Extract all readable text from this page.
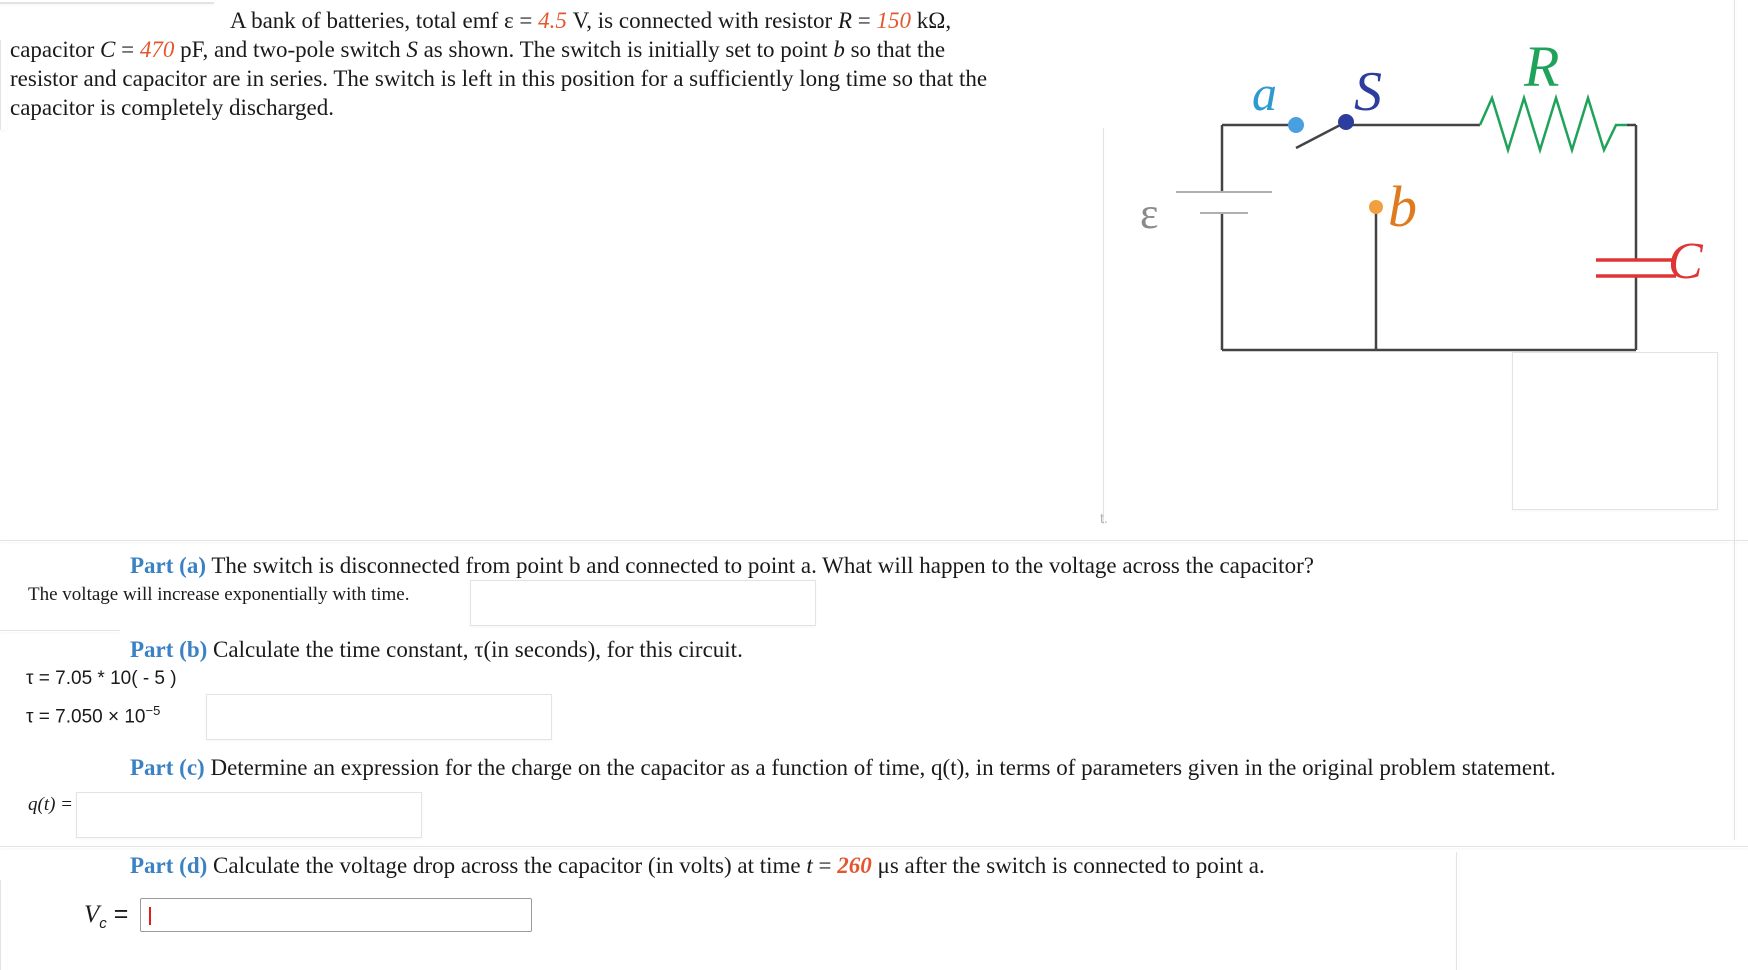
A bank of batteries, total emf ε = 4.5 V, is connected with resistor R = 150 kΩ,
capacitor C = 470 pF, and two-pole switch S as shown. The switch is initially set to point b so that the
resistor and capacitor are in series. The switch is left in this position for a sufficiently long time so that the
capacitor is completely discharged.	a S R
ε	b
C
t.
Part (a) The switch is disconnected from point b and connected to point a. What will happen to the voltage across the capacitor?
The voltage will increase exponentially with time.
Part (b) Calculate the time constant, τ(in seconds), for this circuit.
τ = 7.05 * 10( - 5 )
$\tau = 7.050 \times 10^{-5}$
Part (c) Determine an expression for the charge on the capacitor as a function of time, q(t), in terms of parameters given in the original problem statement.
q(t) =
Part (d) Calculate the voltage drop across the capacitor (in volts) at time t = 260 μs after the switch is connected to point a.
$V_c$ =
